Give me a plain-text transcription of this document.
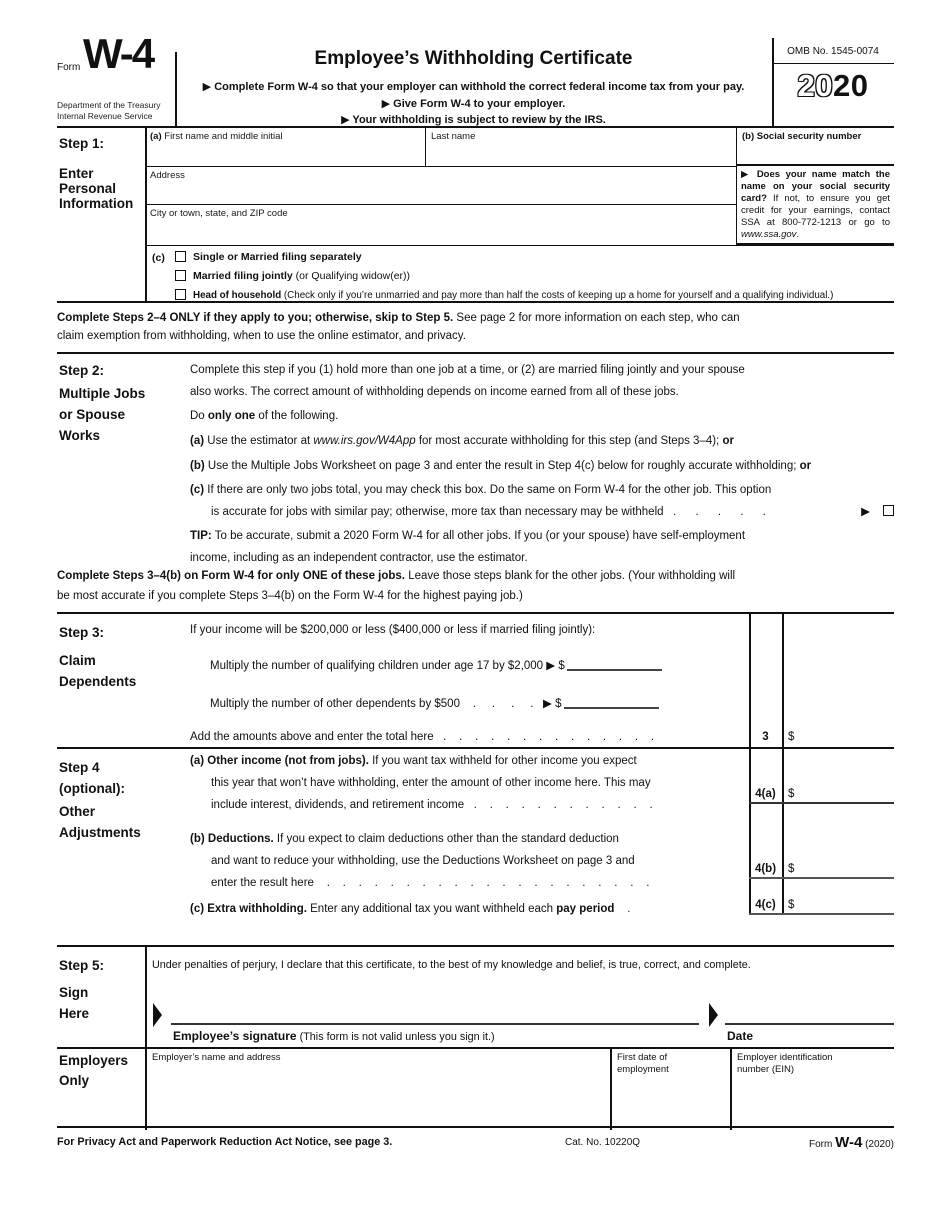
Form W-4
Department of the Treasury
Internal Revenue Service
Employee’s Withholding Certificate
▶ Complete Form W-4 so that your employer can withhold the correct federal income tax from your pay.
▶ Give Form W-4 to your employer.
▶ Your withholding is subject to review by the IRS.
OMB No. 1545-0074
2020
Step 1:
Enter
Personal
Information
(a) First name and middle initial	Last name	(b) Social security number
Address
City or town, state, and ZIP code
▶ Does your name match the name on your social security card? If not, to ensure you get credit for your earnings, contact SSA at 800-772-1213 or go to www.ssa.gov.
(c)	Single or Married filing separately
Married filing jointly (or Qualifying widow(er))
Head of household (Check only if you’re unmarried and pay more than half the costs of keeping up a home for yourself and a qualifying individual.)
Complete Steps 2–4 ONLY if they apply to you; otherwise, skip to Step 5. See page 2 for more information on each step, who can
claim exemption from withholding, when to use the online estimator, and privacy.
Step 2:
Multiple Jobs
or Spouse
Works
Complete this step if you (1) hold more than one job at a time, or (2) are married filing jointly and your spouse
also works. The correct amount of withholding depends on income earned from all of these jobs.
Do only one of the following.
(a) Use the estimator at www.irs.gov/W4App for most accurate withholding for this step (and Steps 3–4); or
(b) Use the Multiple Jobs Worksheet on page 3 and enter the result in Step 4(c) below for roughly accurate withholding; or
(c) If there are only two jobs total, you may check this box. Do the same on Form W-4 for the other job. This option
is accurate for jobs with similar pay; otherwise, more tax than necessary may be withheld   .      .      .      .      .	▶
TIP: To be accurate, submit a 2020 Form W-4 for all other jobs. If you (or your spouse) have self-employment
income, including as an independent contractor, use the estimator.
Complete Steps 3–4(b) on Form W-4 for only ONE of these jobs. Leave those steps blank for the other jobs. (Your withholding will
be most accurate if you complete Steps 3–4(b) on the Form W-4 for the highest paying job.)
Step 3:
Claim
Dependents
If your income will be $200,000 or less ($400,000 or less if married filing jointly):
Multiply the number of qualifying children under age 17 by $2,000 ▶ $
Multiply the number of other dependents by $500    .     .     .     .   ▶ $
Add the amounts above and enter the total here   .    .    .    .    .    .    .    .    .    .    .    .    .    .	3	$
Step 4
(optional):
Other
Adjustments
(a) Other income (not from jobs). If you want tax withheld for other income you expect
this year that won’t have withholding, enter the amount of other income here. This may
include interest, dividends, and retirement income   .    .    .    .    .    .    .    .    .    .    .    .
4(a)	$
(b) Deductions. If you expect to claim deductions other than the standard deduction
and want to reduce your withholding, use the Deductions Worksheet on page 3 and
enter the result here    .    .    .    .    .    .    .    .    .    .    .    .    .    .    .    .    .    .    .    .    .
4(b)	$
(c) Extra withholding. Enter any additional tax you want withheld each pay period    .	4(c)	$
Step 5:
Sign
Here
Under penalties of perjury, I declare that this certificate, to the best of my knowledge and belief, is true, correct, and complete.
Employee’s signature (This form is not valid unless you sign it.)	Date
Employers
Only
Employer’s name and address	First date of
employment
Employer identification
number (EIN)
For Privacy Act and Paperwork Reduction Act Notice, see page 3.	Cat. No. 10220Q	Form W-4 (2020)
